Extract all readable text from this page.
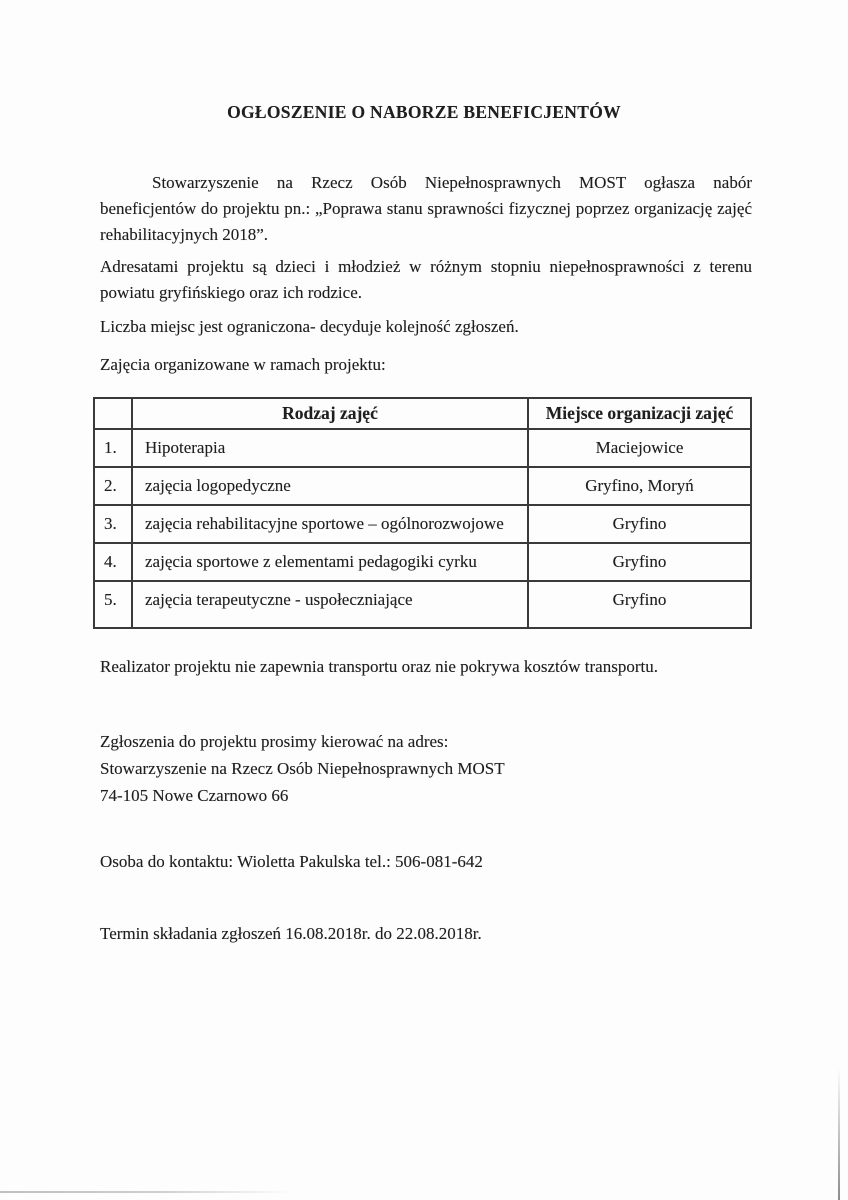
OGŁOSZENIE O NABORZE BENEFICJENTÓW
Stowarzyszenie na Rzecz Osób Niepełnosprawnych MOST ogłasza nabór beneficjentów do projektu pn.: „Poprawa stanu sprawności fizycznej poprzez organizację zajęć rehabilitacyjnych 2018”.
Adresatami projektu są dzieci i młodzież w różnym stopniu niepełnosprawności z terenu powiatu gryfińskiego oraz ich rodzice.
Liczba miejsc jest ograniczona- decyduje kolejność zgłoszeń.
Zajęcia organizowane w ramach projektu:
	Rodzaj zajęć	Miejsce organizacji zajęć
1.	Hipoterapia	Maciejowice
2.	zajęcia logopedyczne	Gryfino, Moryń
3.	zajęcia rehabilitacyjne sportowe – ogólnorozwojowe	Gryfino
4.	zajęcia sportowe z elementami pedagogiki cyrku	Gryfino
5.	zajęcia terapeutyczne - uspołeczniające	Gryfino
Realizator projektu nie zapewnia transportu oraz nie pokrywa kosztów transportu.
Zgłoszenia do projektu prosimy kierować na adres:
Stowarzyszenie na Rzecz Osób Niepełnosprawnych MOST
74-105 Nowe Czarnowo 66
Osoba do kontaktu: Wioletta Pakulska tel.: 506-081-642
Termin składania zgłoszeń 16.08.2018r. do 22.08.2018r.
